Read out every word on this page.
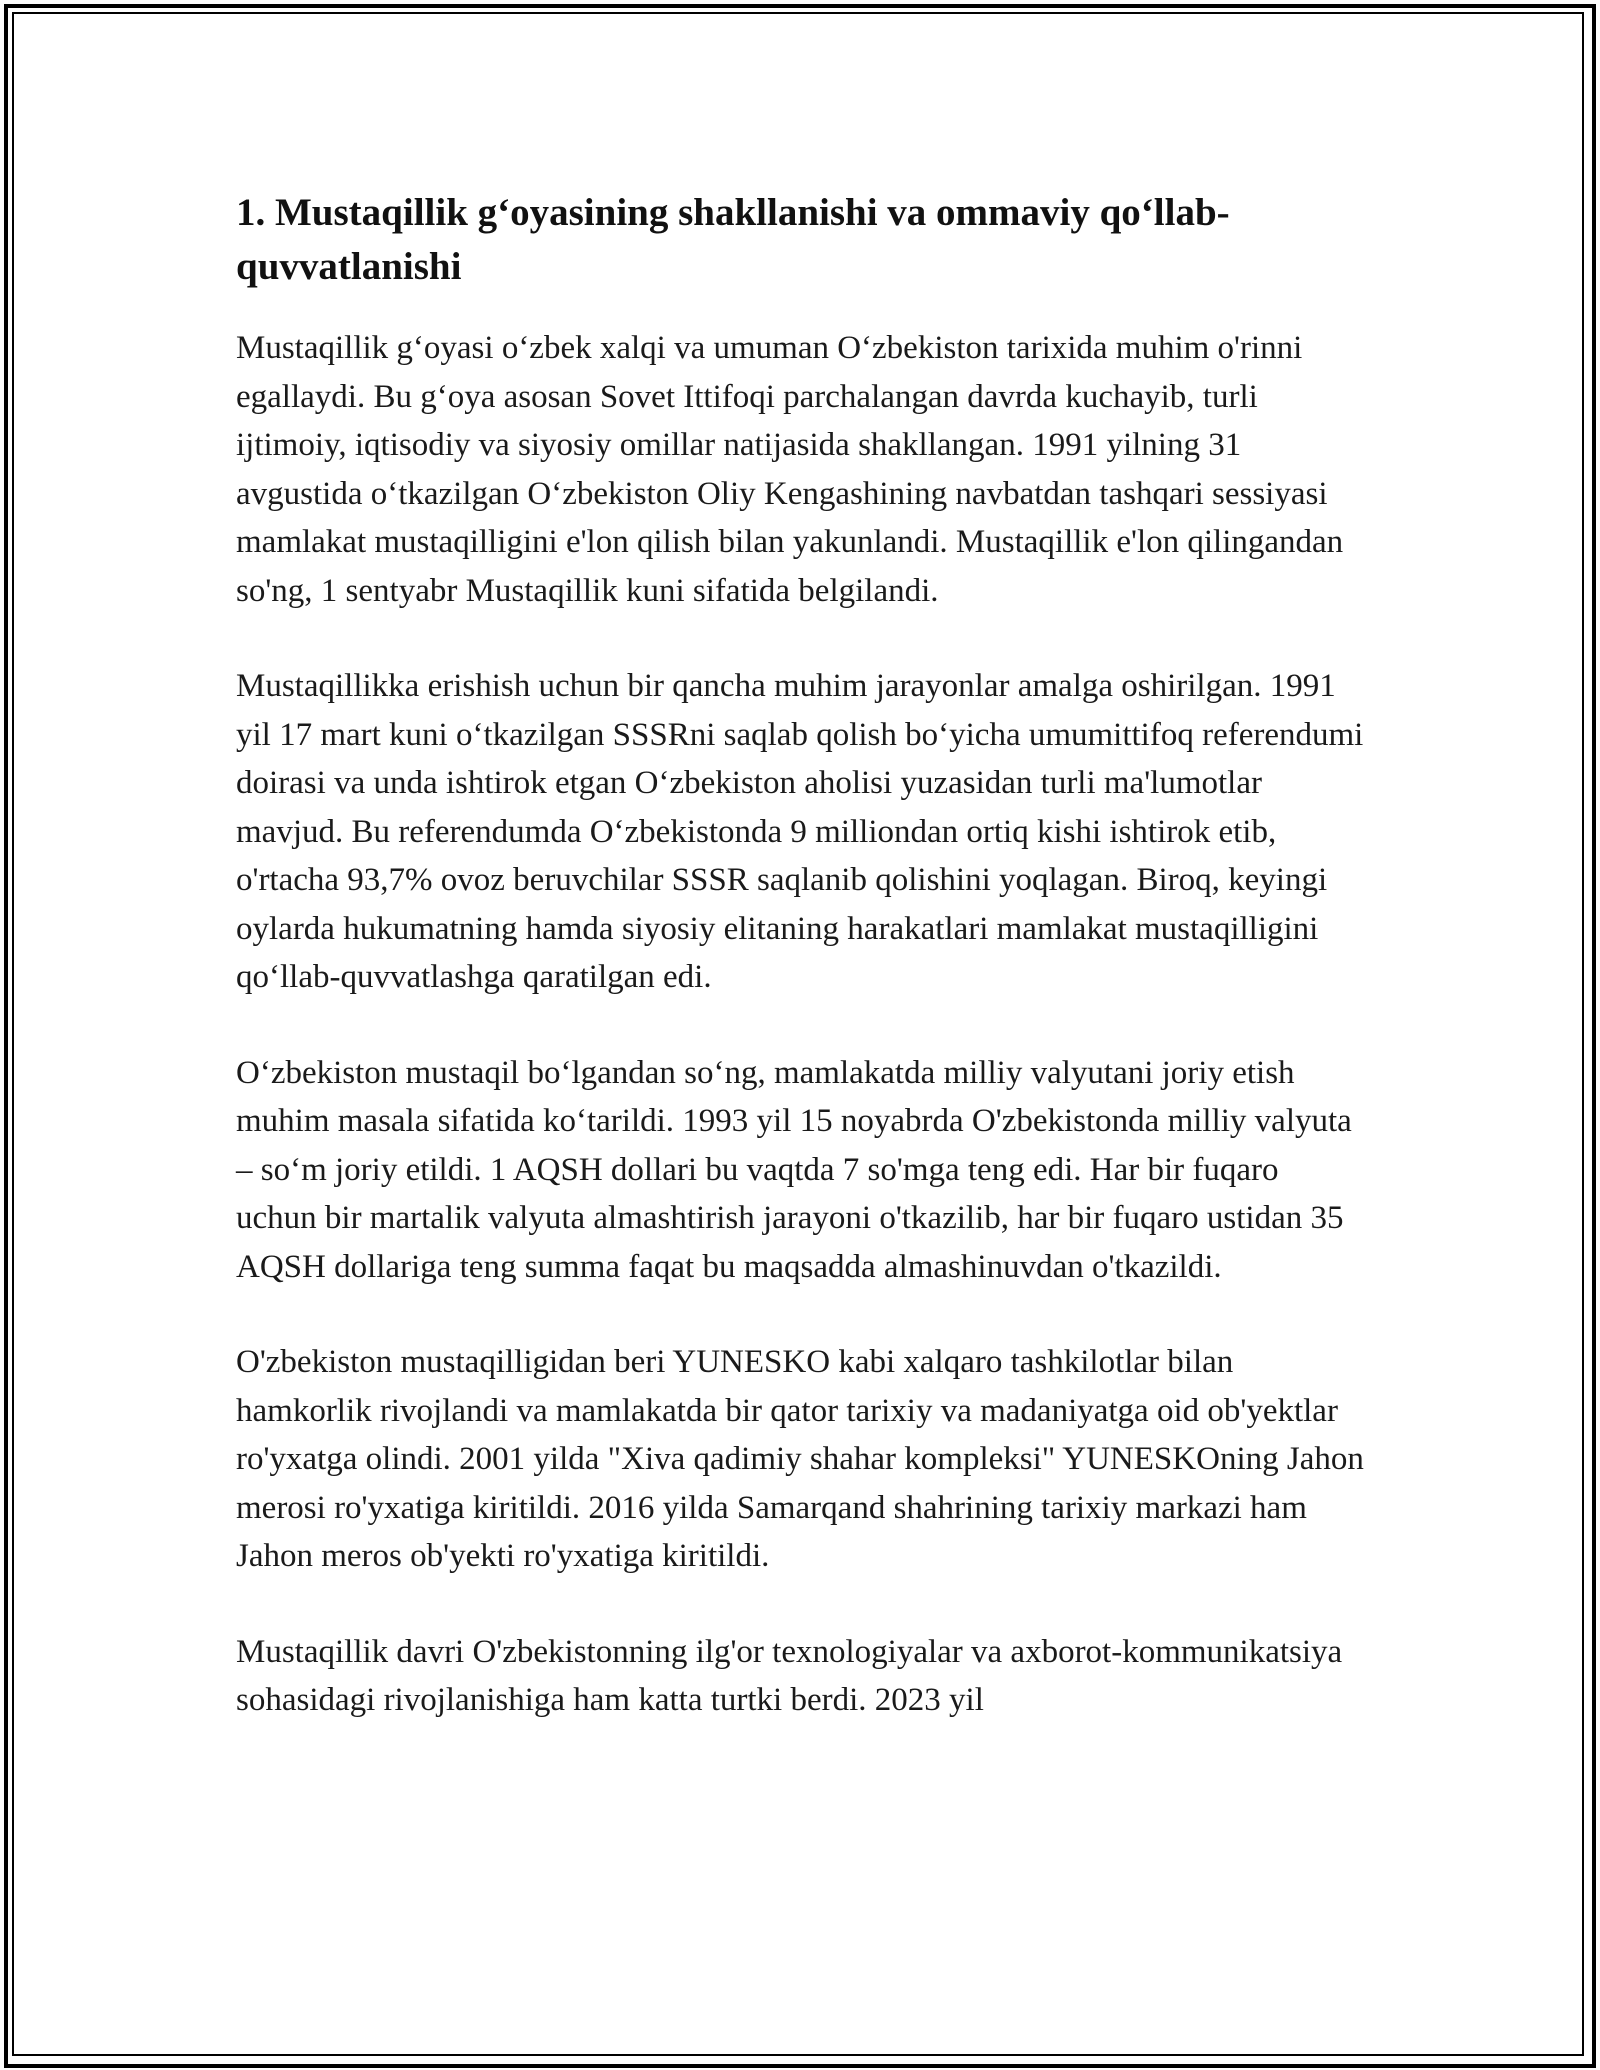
1. Mustaqillik g‘oyasining shakllanishi va ommaviy qo‘llab-quvvatlanishi

Mustaqillik g‘oyasi o‘zbek xalqi va umuman O‘zbekiston tarixida muhim o'rinni egallaydi. Bu g‘oya asosan Sovet Ittifoqi parchalangan davrda kuchayib, turli ijtimoiy, iqtisodiy va siyosiy omillar natijasida shakllangan. 1991 yilning 31 avgustida o‘tkazilgan O‘zbekiston Oliy Kengashining navbatdan tashqari sessiyasi mamlakat mustaqilligini e'lon qilish bilan yakunlandi. Mustaqillik e'lon qilingandan so'ng, 1 sentyabr Mustaqillik kuni sifatida belgilandi.

Mustaqillikka erishish uchun bir qancha muhim jarayonlar amalga oshirilgan. 1991 yil 17 mart kuni o‘tkazilgan SSSRni saqlab qolish bo‘yicha umumittifoq referendumi doirasi va unda ishtirok etgan O‘zbekiston aholisi yuzasidan turli ma'lumotlar mavjud. Bu referendumda O‘zbekistonda 9 milliondan ortiq kishi ishtirok etib, o'rtacha 93,7% ovoz beruvchilar SSSR saqlanib qolishini yoqlagan. Biroq, keyingi oylarda hukumatning hamda siyosiy elitaning harakatlari mamlakat mustaqilligini qo‘llab-quvvatlashga qaratilgan edi.

O‘zbekiston mustaqil bo‘lgandan so‘ng, mamlakatda milliy valyutani joriy etish muhim masala sifatida ko‘tarildi. 1993 yil 15 noyabrda O'zbekistonda milliy valyuta – so‘m joriy etildi. 1 AQSH dollari bu vaqtda 7 so'mga teng edi. Har bir fuqaro uchun bir martalik valyuta almashtirish jarayoni o'tkazilib, har bir fuqaro ustidan 35 AQSH dollariga teng summa faqat bu maqsadda almashinuvdan o'tkazildi.

O'zbekiston mustaqilligidan beri YUNESKO kabi xalqaro tashkilotlar bilan hamkorlik rivojlandi va mamlakatda bir qator tarixiy va madaniyatga oid ob'yektlar ro'yxatga olindi. 2001 yilda "Xiva qadimiy shahar kompleksi" YUNESKOning Jahon merosi ro'yxatiga kiritildi. 2016 yilda Samarqand shahrining tarixiy markazi ham Jahon meros ob'yekti ro'yxatiga kiritildi.

Mustaqillik davri O'zbekistonning ilg'or texnologiyalar va axborot-kommunikatsiya sohasidagi rivojlanishiga ham katta turtki berdi. 2023 yil
